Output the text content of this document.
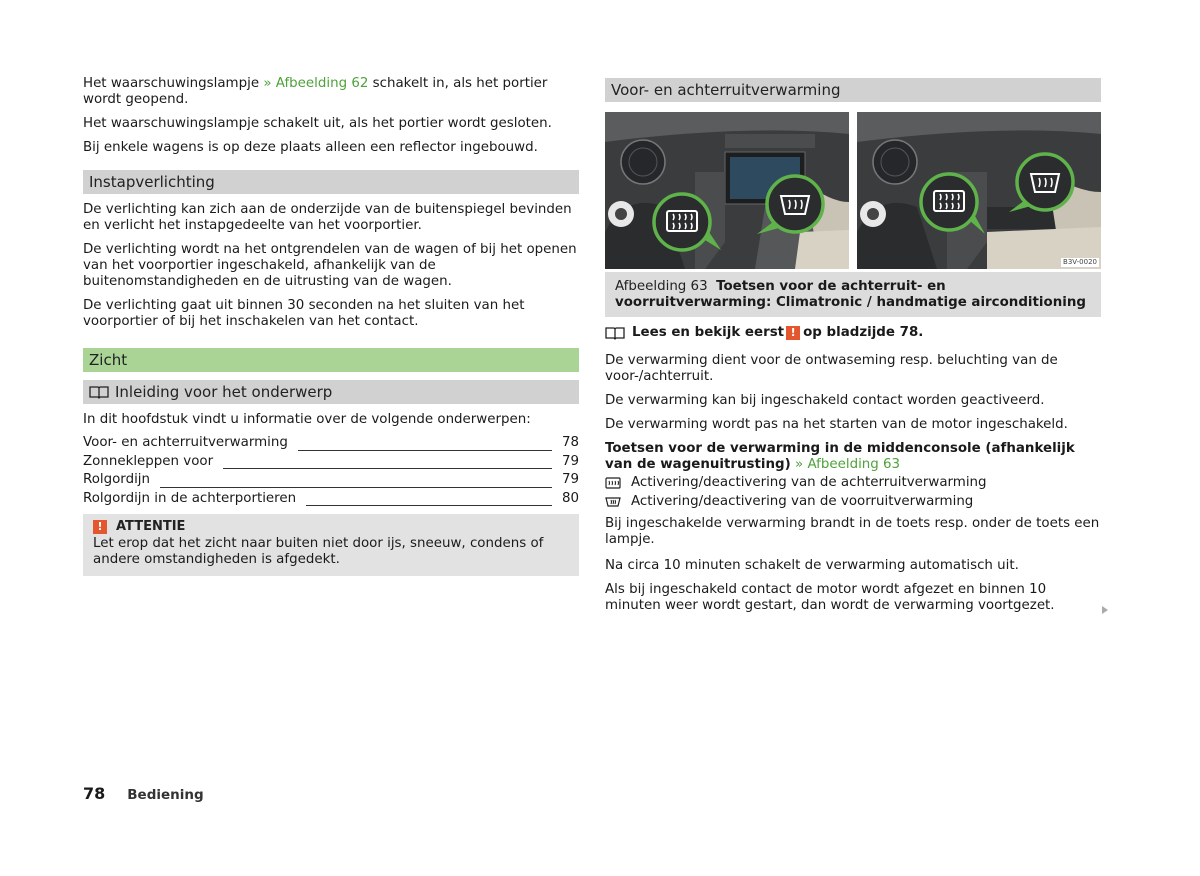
Het waarschuwingslampje » Afbeelding 62 schakelt in, als het portier wordt geopend.

Het waarschuwingslampje schakelt uit, als het portier wordt gesloten.

Bij enkele wagens is op deze plaats alleen een reflector ingebouwd.

Instapverlichting

De verlichting kan zich aan de onderzijde van de buitenspiegel bevinden en verlicht het instapgedeelte van het voorportier.

De verlichting wordt na het ontgrendelen van de wagen of bij het openen van het voorportier ingeschakeld, afhankelijk van de buitenomstandigheden en de uitrusting van de wagen.

De verlichting gaat uit binnen 30 seconden na het sluiten van het voorportier of bij het inschakelen van het contact.

Zicht
Inleiding voor het onderwerp

In dit hoofdstuk vindt u informatie over de volgende onderwerpen:

Voor- en achterruitverwarming	78
Zonnekleppen voor	79
Rolgordijn	79
Rolgordijn in de achterportieren	80
!	ATTENTIE

Let erop dat het zicht naar buiten niet door ijs, sneeuw, condens of andere omstandigheden is afgedekt.

Voor- en achterruitverwarming
B3V-0020
Afbeelding 63 Toetsen voor de achterruit- en voorruitverwarming: Climatronic / handmatige airconditioning
Lees en bekijk eerst ! op bladzijde 78.

De verwarming dient voor de ontwaseming resp. beluchting van de voor-/achterruit.

De verwarming kan bij ingeschakeld contact worden geactiveerd.

De verwarming wordt pas na het starten van de motor ingeschakeld.

Toetsen voor de verwarming in de middenconsole (afhankelijk van de wagenuitrusting) » Afbeelding 63

Activering/deactivering van de achterruitverwarming
Activering/deactivering van de voorruitverwarming

Bij ingeschakelde verwarming brandt in de toets resp. onder de toets een lampje.

Na circa 10 minuten schakelt de verwarming automatisch uit.

Als bij ingeschakeld contact de motor wordt afgezet en binnen 10 minuten weer wordt gestart, dan wordt de verwarming voortgezet.

78 Bediening
